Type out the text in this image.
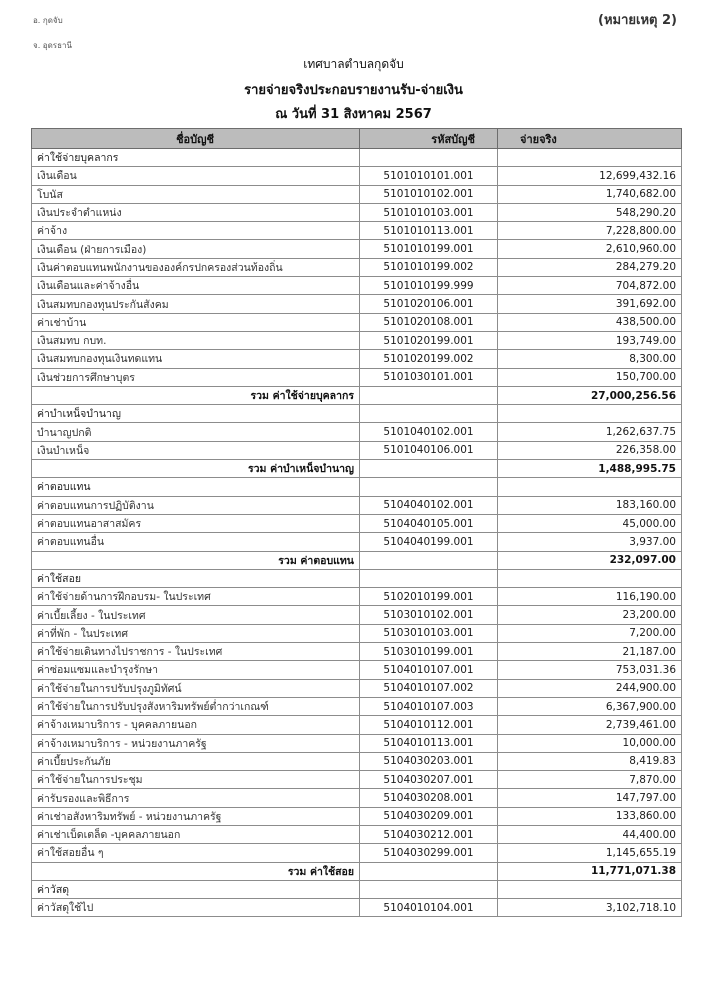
อ. กุดจับ
จ. อุดรธานี
(หมายเหตุ 2)
เทศบาลตำบลกุดจับ
รายจ่ายจริงประกอบรายงานรับ-จ่ายเงิน
ณ วันที่ 31 สิงหาคม 2567
ชื่อบัญชี	รหัสบัญชี	จ่ายจริง
ค่าใช้จ่ายบุคลากร		
เงินเดือน	5101010101.001	12,699,432.16
โบนัส	5101010102.001	1,740,682.00
เงินประจำตำแหน่ง	5101010103.001	548,290.20
ค่าจ้าง	5101010113.001	7,228,800.00
เงินเดือน (ฝ่ายการเมือง)	5101010199.001	2,610,960.00
เงินค่าตอบแทนพนักงานขององค์กรปกครองส่วนท้องถิ่น	5101010199.002	284,279.20
เงินเดือนและค่าจ้างอื่น	5101010199.999	704,872.00
เงินสมทบกองทุนประกันสังคม	5101020106.001	391,692.00
ค่าเช่าบ้าน	5101020108.001	438,500.00
เงินสมทบ กบท.	5101020199.001	193,749.00
เงินสมทบกองทุนเงินทดแทน	5101020199.002	8,300.00
เงินช่วยการศึกษาบุตร	5101030101.001	150,700.00
รวม ค่าใช้จ่ายบุคลากร		27,000,256.56
ค่าบำเหน็จบำนาญ		
บำนาญปกติ	5101040102.001	1,262,637.75
เงินบำเหน็จ	5101040106.001	226,358.00
รวม ค่าบำเหน็จบำนาญ		1,488,995.75
ค่าตอบแทน		
ค่าตอบแทนการปฏิบัติงาน	5104040102.001	183,160.00
ค่าตอบแทนอาสาสมัคร	5104040105.001	45,000.00
ค่าตอบแทนอื่น	5104040199.001	3,937.00
รวม ค่าตอบแทน		232,097.00
ค่าใช้สอย		
ค่าใช้จ่ายด้านการฝึกอบรม- ในประเทศ	5102010199.001	116,190.00
ค่าเบี้ยเลี้ยง - ในประเทศ	5103010102.001	23,200.00
ค่าที่พัก - ในประเทศ	5103010103.001	7,200.00
ค่าใช้จ่ายเดินทางไปราชการ - ในประเทศ	5103010199.001	21,187.00
ค่าซ่อมแซมและบำรุงรักษา	5104010107.001	753,031.36
ค่าใช้จ่ายในการปรับปรุงภูมิทัศน์	5104010107.002	244,900.00
ค่าใช้จ่ายในการปรับปรุงสังหาริมทรัพย์ต่ำกว่าเกณฑ์	5104010107.003	6,367,900.00
ค่าจ้างเหมาบริการ - บุคคลภายนอก	5104010112.001	2,739,461.00
ค่าจ้างเหมาบริการ - หน่วยงานภาครัฐ	5104010113.001	10,000.00
ค่าเบี้ยประกันภัย	5104030203.001	8,419.83
ค่าใช้จ่ายในการประชุม	5104030207.001	7,870.00
ค่ารับรองและพิธีการ	5104030208.001	147,797.00
ค่าเช่าอสังหาริมทรัพย์ - หน่วยงานภาครัฐ	5104030209.001	133,860.00
ค่าเช่าเบ็ดเตล็ด -บุคคลภายนอก	5104030212.001	44,400.00
ค่าใช้สอยอื่น ๆ	5104030299.001	1,145,655.19
รวม ค่าใช้สอย		11,771,071.38
ค่าวัสดุ		
ค่าวัสดุใช้ไป	5104010104.001	3,102,718.10
